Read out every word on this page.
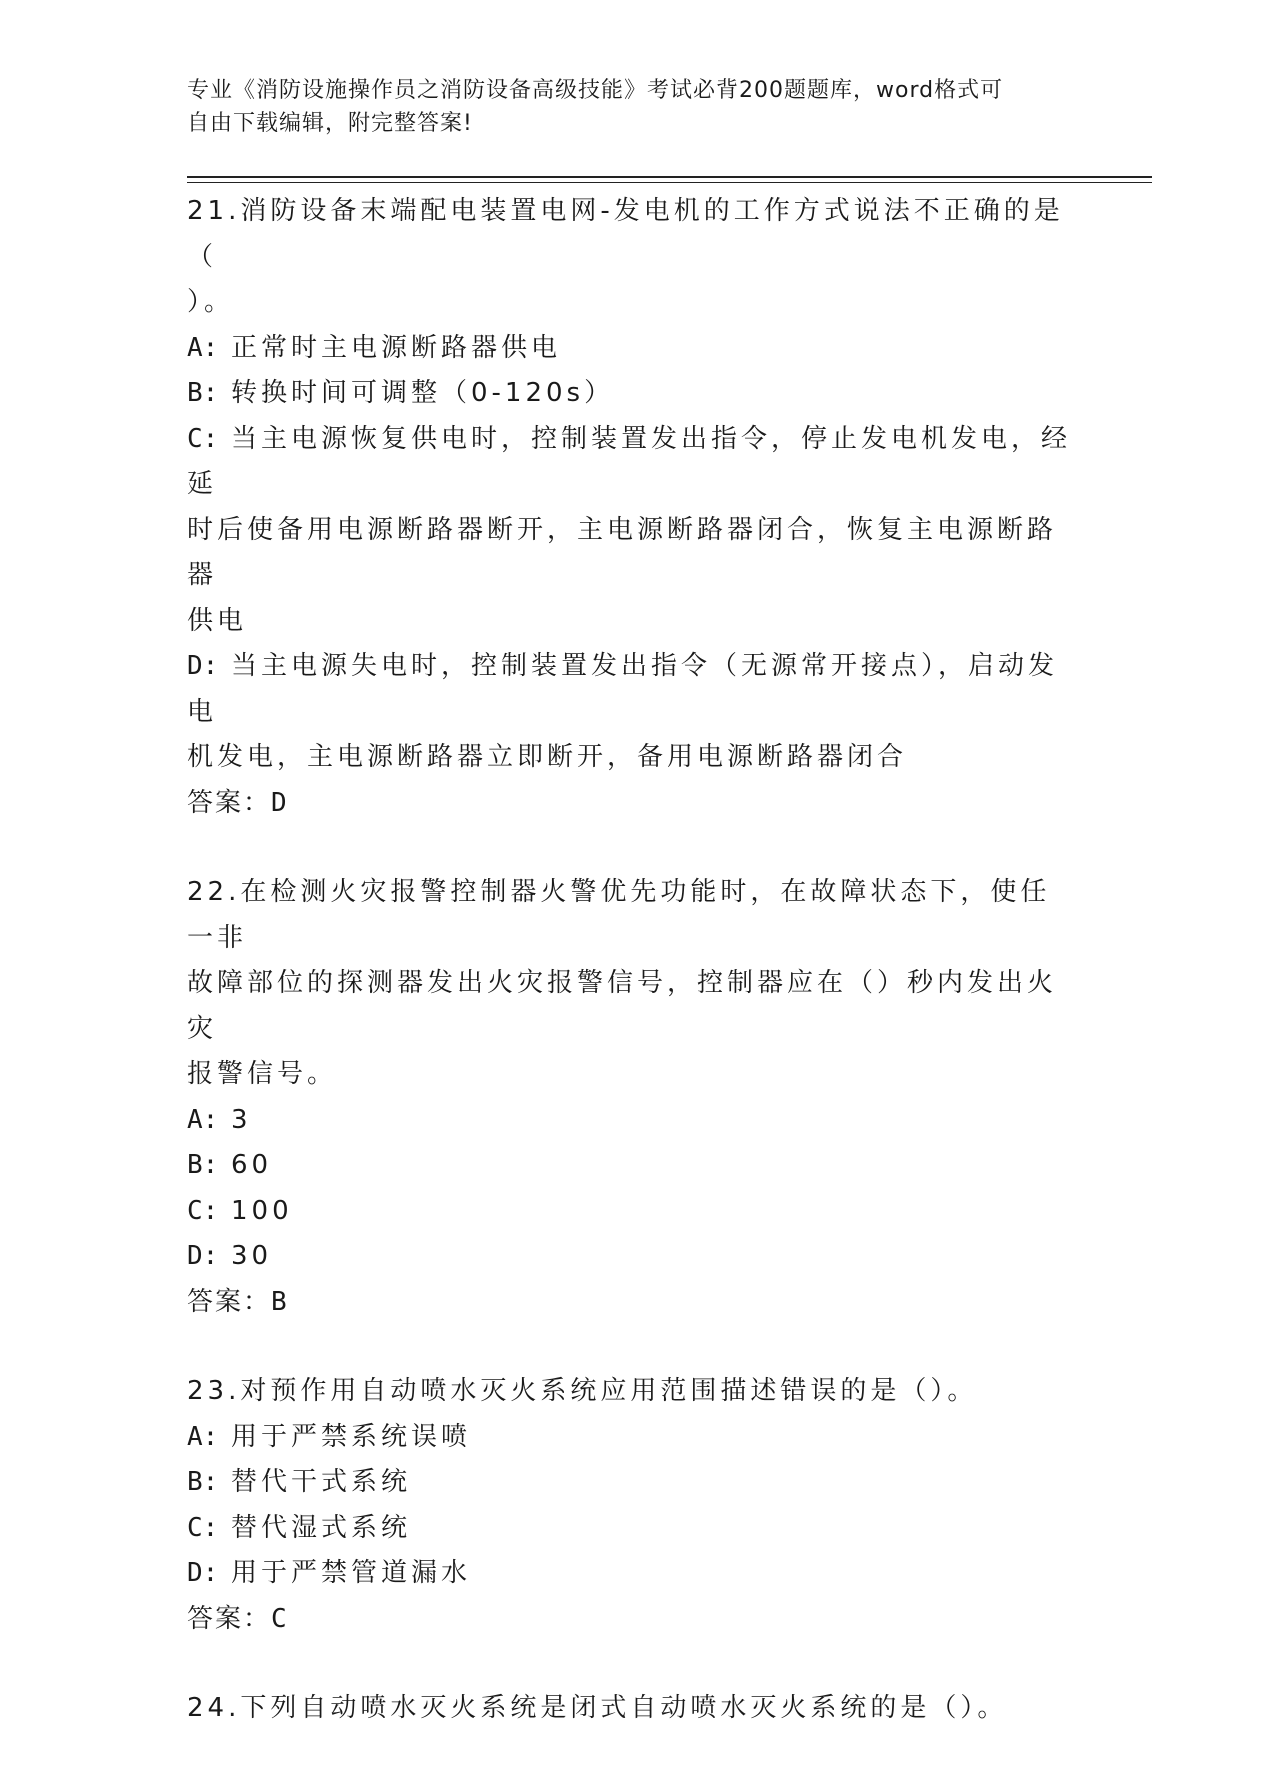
专业《消防设施操作员之消防设备高级技能》考试必背200题题库，word格式可
自由下载编辑，附完整答案!
21.消防设备末端配电装置电网-发电机的工作方式说法不正确的是（
）。
A: 正常时主电源断路器供电
B: 转换时间可调整（0-120s）
C: 当主电源恢复供电时，控制装置发出指令，停止发电机发电，经延
时后使备用电源断路器断开，主电源断路器闭合，恢复主电源断路器
供电
D: 当主电源失电时，控制装置发出指令（无源常开接点），启动发电
机发电，主电源断路器立即断开，备用电源断路器闭合
答案：D
22.在检测火灾报警控制器火警优先功能时，在故障状态下，使任一非
故障部位的探测器发出火灾报警信号，控制器应在（）秒内发出火灾
报警信号。
A: 3
B: 60
C: 100
D: 30
答案：B
23.对预作用自动喷水灭火系统应用范围描述错误的是（）。
A: 用于严禁系统误喷
B: 替代干式系统
C: 替代湿式系统
D: 用于严禁管道漏水
答案：C
24.下列自动喷水灭火系统是闭式自动喷水灭火系统的是（）。
